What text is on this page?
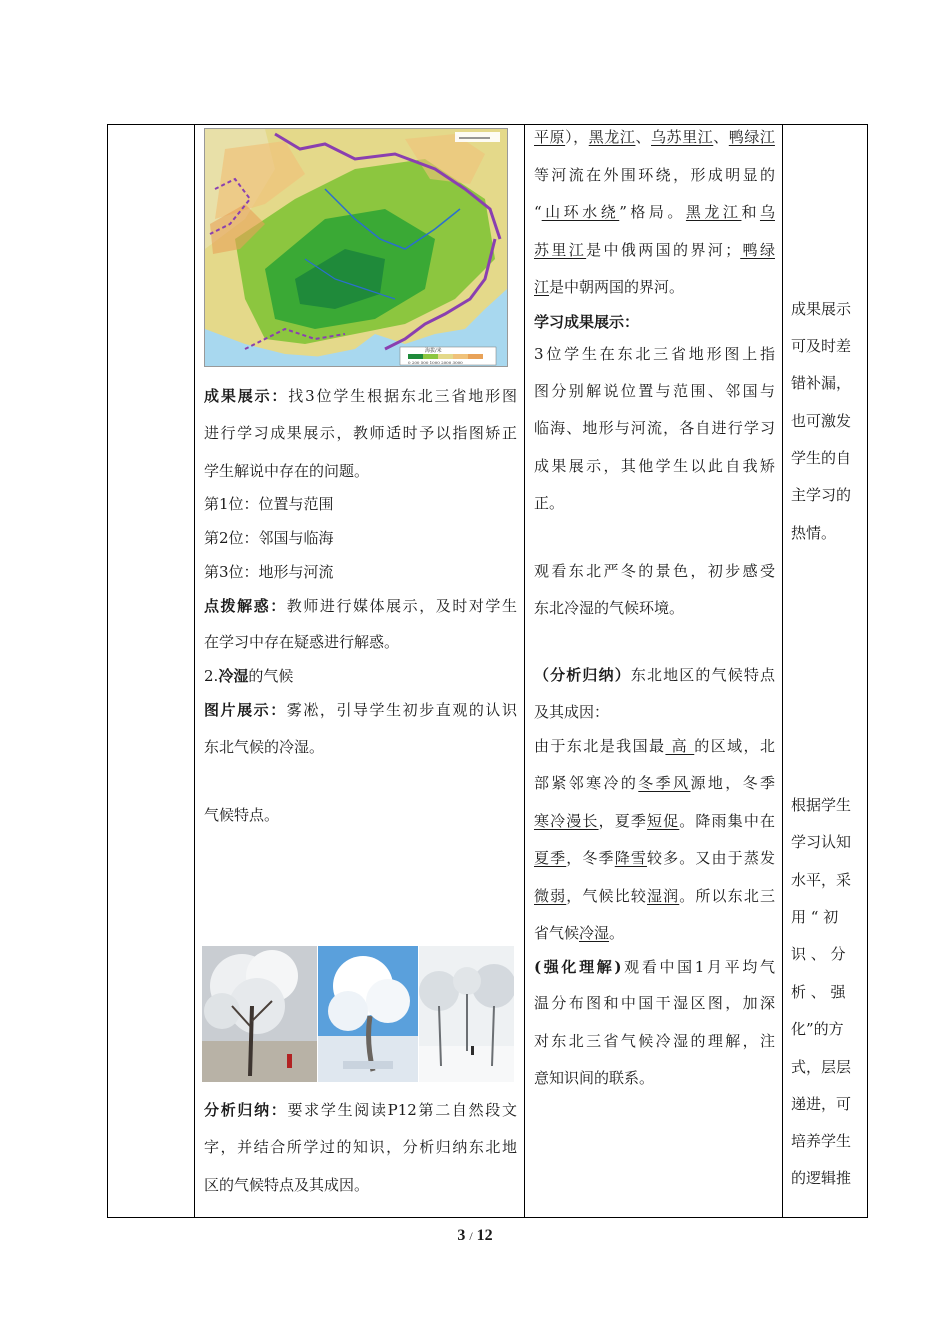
海拔/米
0 200 500 1000 2000 3000
成果展示：找3位学生根据东北三省地形图
进行学习成果展示，教师适时予以指图矫正
学生解说中存在的问题。
第1位：位置与范围
第2位：邻国与临海
第3位：地形与河流
点拨解惑：教师进行媒体展示，及时对学生
在学习中存在疑惑进行解惑。
2.冷湿的气候
图片展示：雾凇，引导学生初步直观的认识
东北气候的冷湿。
气候特点。
分析归纳：要求学生阅读P12第二自然段文
字，并结合所学过的知识，分析归纳东北地
区的气候特点及其成因。
平原），黑龙江、乌苏里江、鸭绿江
等河流在外围环绕，形成明显的
“山环水绕”格局。黑龙江和乌
苏里江是中俄两国的界河；鸭绿
江是中朝两国的界河。
学习成果展示：
3位学生在东北三省地形图上指
图分别解说位置与范围、邻国与
临海、地形与河流，各自进行学习
成果展示，其他学生以此自我矫
正。
观看东北严冬的景色，初步感受
东北冷湿的气候环境。
（分析归纳）东北地区的气候特点
及其成因：
由于东北是我国最 高 的区域，北
部紧邻寒冷的冬季风源地，冬季
寒冷漫长，夏季短促。降雨集中在
夏季，冬季降雪较多。又由于蒸发
微弱，气候比较湿润。所以东北三
省气候冷湿。
(强化理解)观看中国1月平均气
温分布图和中国干湿区图，加深
对东北三省气候冷湿的理解，注
意知识间的联系。
成果展示
可及时差
错补漏，
也可激发
学生的自
主学习的
热情。
根据学生
学习认知
水平，采
用 “ 初
识 、 分
析 、 强
化”的方
式，层层
递进，可
培养学生
的逻辑推
3 / 12
